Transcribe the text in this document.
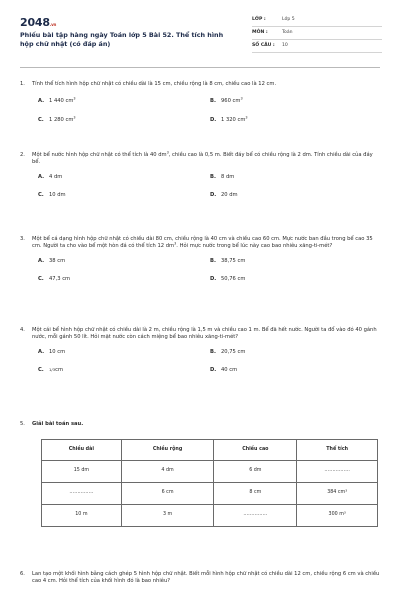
2048.vn
Phiếu bài tập hàng ngày Toán lớp 5 Bài 52. Thể tích hình hộp chữ nhật (có đáp án)
LỚP :	Lớp 5
MÔN :	Toán
SỐ CÂU :	10
1.	Tính thể tích hình hộp chữ nhật có chiều dài là 15 cm, chiều rộng là 8 cm, chiều cao là 12 cm.
A. 1 440 $cm^3$	B. 960 $cm^3$
C.	1 280 $cm^3$	D. 1 320 $cm^3$
2.	Một bể nước hình hộp chữ nhật có thể tích là 40 $dm^3$, chiều cao là 0,5 m. Biết đáy bể có chiều rộng là 2 dm. Tính chiều dài của đáy bể.
A. 4 dm	B. 8 dm
C.	10 dm	D. 20 dm
3.	Một bể cá dạng hình hộp chữ nhật có chiều dài 80 cm, chiều rộng là 40 cm và chiều cao 60 cm. Mực nước ban đầu trong bể cao 35 cm. Người ta cho vào bể một hòn đá có thể tích 12 $dm^3$. Hỏi mực nước trong bể lúc này cao bao nhiêu xăng-ti-mét?
A. 38 cm	B. 38,75 cm
C.	47,3 cm	D. 50,76 cm
4.	Một cái bể hình hộp chữ nhật có chiều dài là 2 m, chiều rộng là 1,5 m và chiều cao 1 m. Bể đã hết nước. Người ta đổ vào đó 40 gánh nước, mỗi gánh 50 lít. Hỏi mặt nước còn cách miệng bể bao nhiêu xăng-ti-mét?
A. 10 cm	B. 20,75 cm
C.	1/3cm	D. 40 cm
5.	Giải bài toán sau.
Chiều dài	Chiều rộng	Chiều cao	Thể tích
15 dm	4 dm	6 dm	…………….
……………	6 cm	8 cm	384 cm³
10 m	3 m	……………	300 m³
6.	Lan tạo một khối hình bằng cách ghép 5 hình hộp chữ nhật. Biết mỗi hình hộp chữ nhật có chiều dài 12 cm, chiều rộng 6 cm và chiều cao 4 cm. Hỏi thể tích của khối hình đó là bao nhiêu?
